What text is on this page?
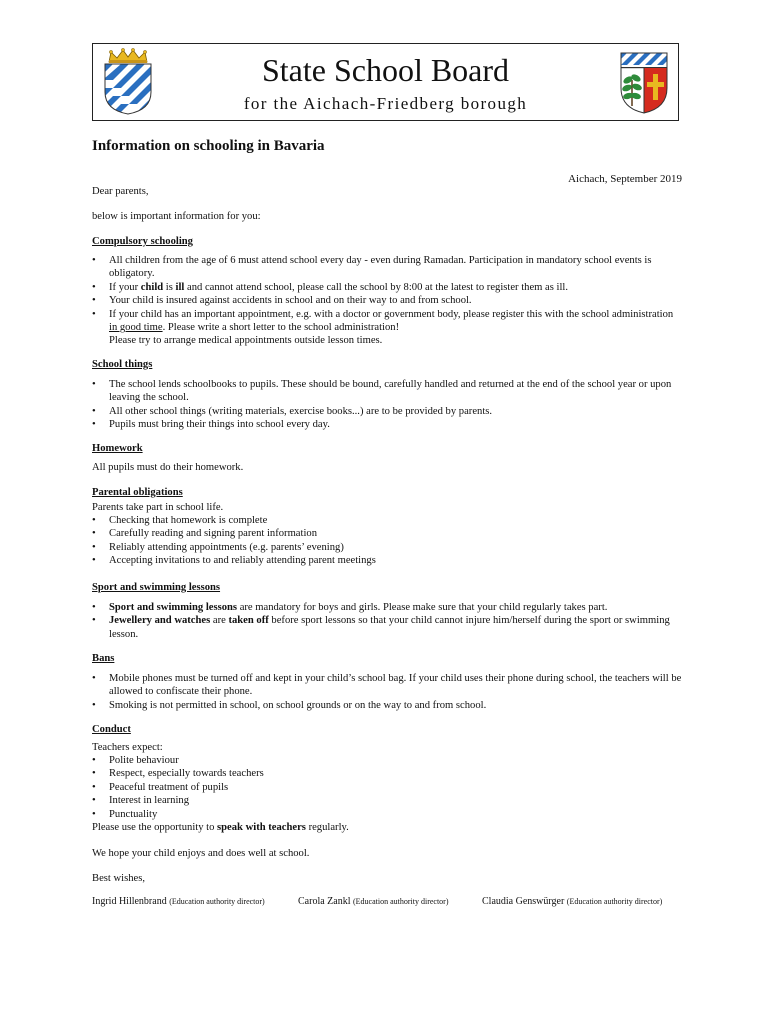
State School Board
for the Aichach-Friedberg borough
Information on schooling in Bavaria
Aichach, September 2019
Dear parents,
below is important information for you:
Compulsory schooling
• All children from the age of 6 must attend school every day - even during Ramadan. Participation in mandatory school events is obligatory.
• If your child is ill and cannot attend school, please call the school by 8:00 at the latest to register them as ill.
• Your child is insured against accidents in school and on their way to and from school.
• If your child has an important appointment, e.g. with a doctor or government body, please register this with the school administration in good time. Please write a short letter to the school administration!
Please try to arrange medical appointments outside lesson times.
School things
• The school lends schoolbooks to pupils. These should be bound, carefully handled and returned at the end of the school year or upon leaving the school.
• All other school things (writing materials, exercise books...) are to be provided by parents.
• Pupils must bring their things into school every day.
Homework
All pupils must do their homework.
Parental obligations
Parents take part in school life.
• Checking that homework is complete
• Carefully reading and signing parent information
• Reliably attending appointments (e.g. parents’ evening)
• Accepting invitations to and reliably attending parent meetings
Sport and swimming lessons
• Sport and swimming lessons are mandatory for boys and girls. Please make sure that your child regularly takes part.
• Jewellery and watches are taken off before sport lessons so that your child cannot injure him/herself during the sport or swimming lesson.
Bans
• Mobile phones must be turned off and kept in your child’s school bag. If your child uses their phone during school, the teachers will be allowed to confiscate their phone.
• Smoking is not permitted in school, on school grounds or on the way to and from school.
Conduct
Teachers expect:
• Polite behaviour
• Respect, especially towards teachers
• Peaceful treatment of pupils
• Interest in learning
• Punctuality
Please use the opportunity to speak with teachers regularly.
We hope your child enjoys and does well at school.
Best wishes,
Ingrid Hillenbrand (Education authority director)	Carola Zankl (Education authority director)	Claudia Genswürger (Education authority director)
